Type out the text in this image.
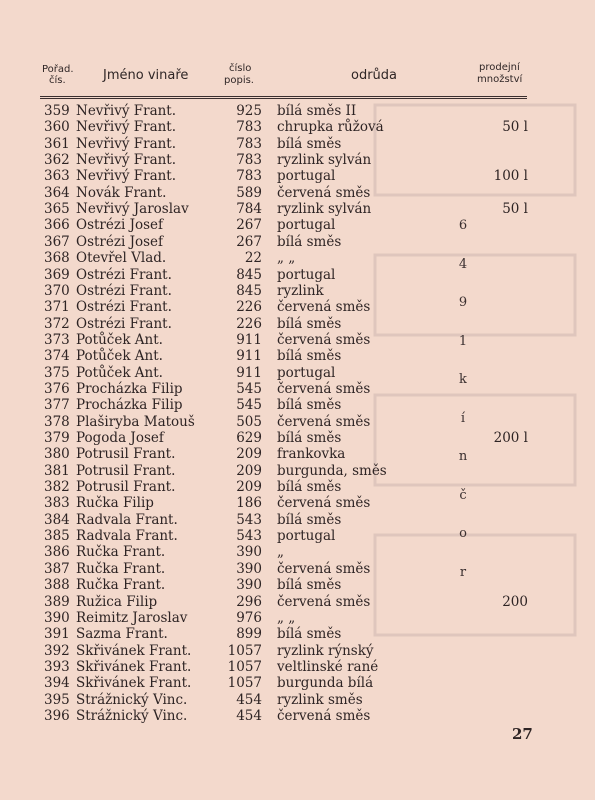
Pořad.
čís.	Jméno vinaře	číslo
popis.	odrůda
prodejní
množství
359 Nevřivý Frant.	925 bílá směs II
360 Nevřivý Frant.	783 chrupka růžová	50 l
361 Nevřivý Frant.	783 bílá směs
362 Nevřivý Frant.	783 ryzlink sylván
363 Nevřivý Frant.	783 portugal	100 l
364 Novák Frant.	589 červená směs
365 Nevřivý Jaroslav	784 ryzlink sylván	50 l
366 Ostrézi Josef	267 portugal
367 Ostrézi Josef	267 bílá směs
368 Otevřel Vlad.	22 „ „
369 Ostrézi Frant.	845 portugal
370 Ostrézi Frant.	845 ryzlink
371 Ostrézi Frant.	226 červená směs
372 Ostrézi Frant.	226 bílá směs
373 Potůček Ant.	911 červená směs
374 Potůček Ant.	911 bílá směs
375 Potůček Ant.	911 portugal
376 Procházka Filip	545 červená směs
377 Procházka Filip	545 bílá směs
378 Plaširyba Matouš	505 červená směs
379 Pogoda Josef	629 bílá směs	200 l
380 Potrusil Frant.	209 frankovka
381 Potrusil Frant.	209 burgunda, směs
382 Potrusil Frant.	209 bílá směs
383 Ručka Filip	186 červená směs
384 Radvala Frant.	543 bílá směs
385 Radvala Frant.	543 portugal
386 Ručka Frant.	390 „
387 Ručka Frant.	390 červená směs
388 Ručka Frant.	390 bílá směs
389 Ružica Filip	296 červená směs	200
390 Reimitz Jaroslav	976 „ „
391 Sazma Frant.	899 bílá směs
392 Skřivánek Frant.	1057 ryzlink rýnský
393 Skřivánek Frant.	1057 veltlinské rané
394 Skřivánek Frant.	1057 burgunda bílá
395 Strážnický Vinc.	454 ryzlink směs
396 Strážnický Vinc.	454 červená směs
6
4
9
1
k
í
n
č
o
r
27
